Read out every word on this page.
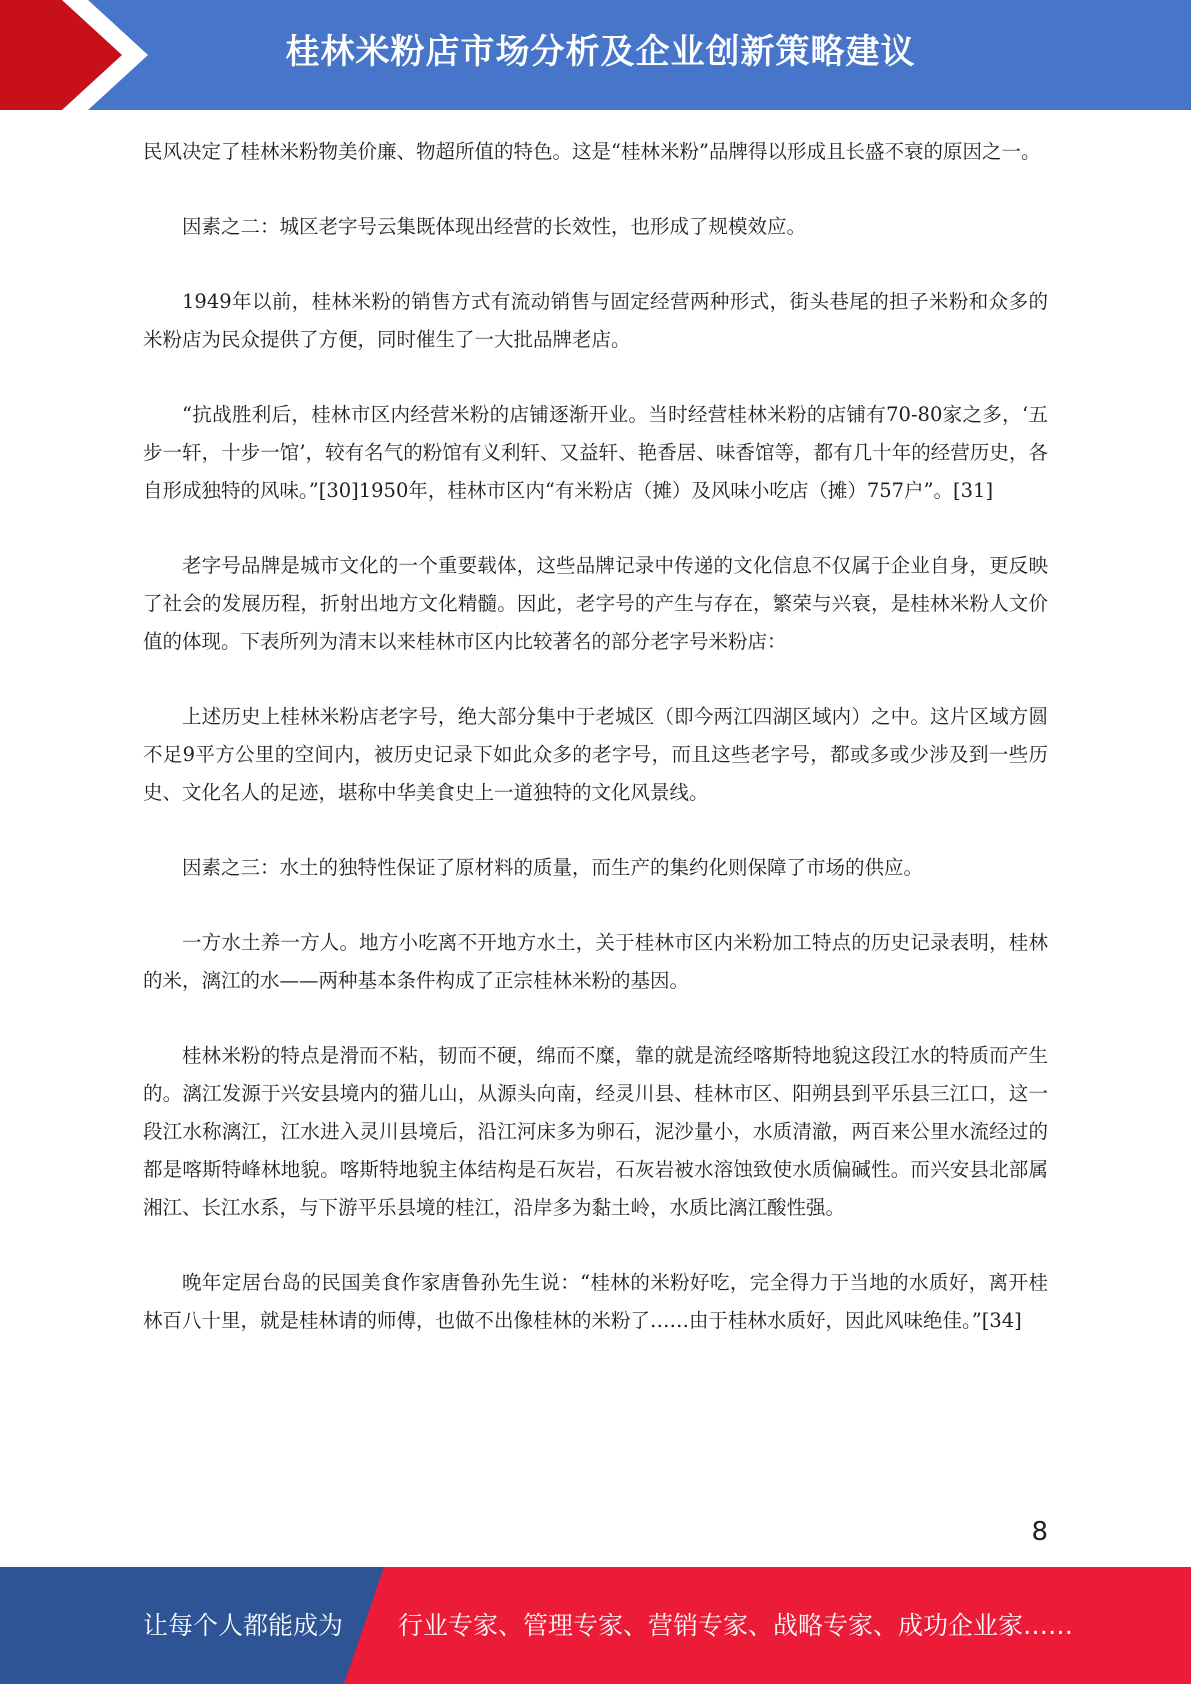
桂林米粉店市场分析及企业创新策略建议

民风决定了桂林米粉物美价廉、物超所值的特色。这是“桂林米粉”品牌得以形成且长盛不衰的原因之一。

因素之二：城区老字号云集既体现出经营的长效性，也形成了规模效应。

1949年以前，桂林米粉的销售方式有流动销售与固定经营两种形式，街头巷尾的担子米粉和众多的米粉店为民众提供了方便，同时催生了一大批品牌老店。

“抗战胜利后，桂林市区内经营米粉的店铺逐渐开业。当时经营桂林米粉的店铺有70-80家之多，‘五步一轩，十步一馆’，较有名气的粉馆有义利轩、又益轩、艳香居、味香馆等，都有几十年的经营历史，各自形成独特的风味。”[30]1950年，桂林市区内“有米粉店（摊）及风味小吃店（摊）757户”。[31]

老字号品牌是城市文化的一个重要载体，这些品牌记录中传递的文化信息不仅属于企业自身，更反映了社会的发展历程，折射出地方文化精髓。因此，老字号的产生与存在，繁荣与兴衰，是桂林米粉人文价值的体现。下表所列为清末以来桂林市区内比较著名的部分老字号米粉店：

上述历史上桂林米粉店老字号，绝大部分集中于老城区（即今两江四湖区域内）之中。这片区域方圆不足9平方公里的空间内，被历史记录下如此众多的老字号，而且这些老字号，都或多或少涉及到一些历史、文化名人的足迹，堪称中华美食史上一道独特的文化风景线。

因素之三：水土的独特性保证了原材料的质量，而生产的集约化则保障了市场的供应。

一方水土养一方人。地方小吃离不开地方水土，关于桂林市区内米粉加工特点的历史记录表明，桂林的米，漓江的水——两种基本条件构成了正宗桂林米粉的基因。

桂林米粉的特点是滑而不粘，韧而不硬，绵而不糜，靠的就是流经喀斯特地貌这段江水的特质而产生的。漓江发源于兴安县境内的猫儿山，从源头向南，经灵川县、桂林市区、阳朔县到平乐县三江口，这一段江水称漓江，江水进入灵川县境后，沿江河床多为卵石，泥沙量小，水质清澈，两百来公里水流经过的都是喀斯特峰林地貌。喀斯特地貌主体结构是石灰岩，石灰岩被水溶蚀致使水质偏碱性。而兴安县北部属湘江、长江水系，与下游平乐县境的桂江，沿岸多为黏土岭，水质比漓江酸性强。

晚年定居台岛的民国美食作家唐鲁孙先生说：“桂林的米粉好吃，完全得力于当地的水质好，离开桂林百八十里，就是桂林请的师傅，也做不出像桂林的米粉了……由于桂林水质好，因此风味绝佳。”[34]

8
让每个人都能成为 行业专家、管理专家、营销专家、战略专家、成功企业家……
